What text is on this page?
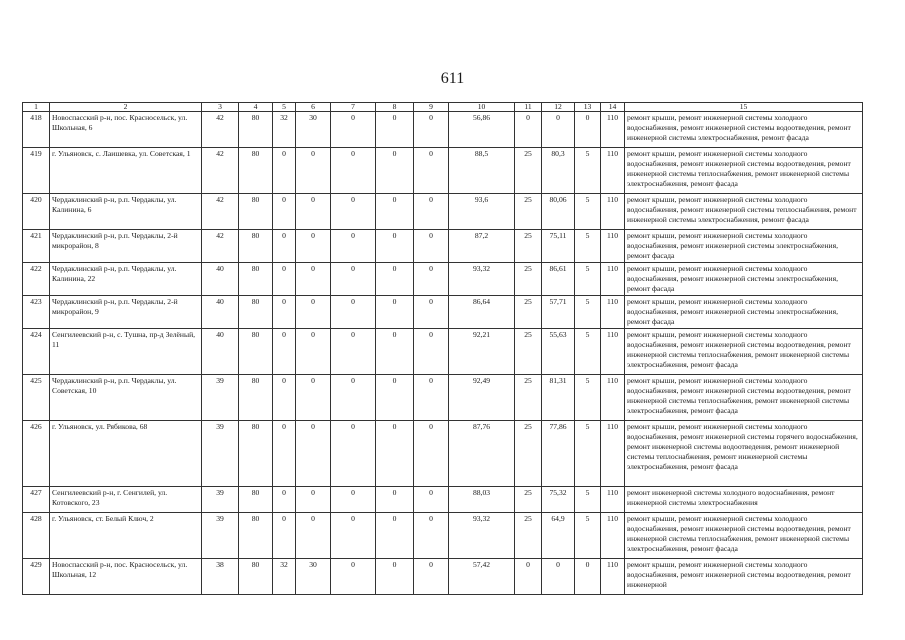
611
1	2	3	4	5	6	7	8	9	10	11	12	13	14	15
418	Новоспасский р-н, пос. Красносельск, ул. Школьная, 6	42	80	32	30	0	0	0	56,86	0	0	0	110	ремонт крыши, ремонт инженерной системы холодного водоснабжения, ремонт инженерной системы водоотведения, ремонт инженерной системы электроснабжения, ремонт фасада
419	г. Ульяновск, с. Лаишевка, ул. Советская, 1	42	80	0	0	0	0	0	88,5	25	80,3	5	110	ремонт крыши, ремонт инженерной системы холодного водоснабжения, ремонт инженерной системы водоотведения, ремонт инженерной системы теплоснабжения, ремонт инженерной системы электроснабжения, ремонт фасада
420	Чердаклинский р-н, р.п. Чердаклы, ул. Калинина, 6	42	80	0	0	0	0	0	93,6	25	80,06	5	110	ремонт крыши, ремонт инженерной системы холодного водоснабжения, ремонт инженерной системы теплоснабжения, ремонт инженерной системы электроснабжения, ремонт фасада
421	Чердаклинский р-н, р.п. Чердаклы, 2-й микрорайон, 8	42	80	0	0	0	0	0	87,2	25	75,11	5	110	ремонт крыши, ремонт инженерной системы холодного водоснабжения, ремонт инженерной системы электроснабжения, ремонт фасада
422	Чердаклинский р-н, р.п. Чердаклы, ул. Калинина, 22	40	80	0	0	0	0	0	93,32	25	86,61	5	110	ремонт крыши, ремонт инженерной системы холодного водоснабжения, ремонт инженерной системы электроснабжения, ремонт фасада
423	Чердаклинский р-н, р.п. Чердаклы, 2-й микрорайон, 9	40	80	0	0	0	0	0	86,64	25	57,71	5	110	ремонт крыши, ремонт инженерной системы холодного водоснабжения, ремонт инженерной системы электроснабжения, ремонт фасада
424	Сенгилеевский р-н, с. Тушна, пр-д Зелёный, 11	40	80	0	0	0	0	0	92,21	25	55,63	5	110	ремонт крыши, ремонт инженерной системы холодного водоснабжения, ремонт инженерной системы водоотведения, ремонт инженерной системы теплоснабжения, ремонт инженерной системы электроснабжения, ремонт фасада
425	Чердаклинский р-н, р.п. Чердаклы, ул. Советская, 10	39	80	0	0	0	0	0	92,49	25	81,31	5	110	ремонт крыши, ремонт инженерной системы холодного водоснабжения, ремонт инженерной системы водоотведения, ремонт инженерной системы теплоснабжения, ремонт инженерной системы электроснабжения, ремонт фасада
426	г. Ульяновск, ул. Рябикова, 68	39	80	0	0	0	0	0	87,76	25	77,86	5	110	ремонт крыши, ремонт инженерной системы холодного водоснабжения, ремонт инженерной системы горячего водоснабжения, ремонт инженерной системы водоотведения, ремонт инженерной системы теплоснабжения, ремонт инженерной системы электроснабжения, ремонт фасада
427	Сенгилеевский р-н, г. Сенгилей, ул. Котовского, 23	39	80	0	0	0	0	0	88,03	25	75,32	5	110	ремонт инженерной системы холодного водоснабжения, ремонт инженерной системы электроснабжения
428	г. Ульяновск, ст. Белый Ключ, 2	39	80	0	0	0	0	0	93,32	25	64,9	5	110	ремонт крыши, ремонт инженерной системы холодного водоснабжения, ремонт инженерной системы водоотведения, ремонт инженерной системы теплоснабжения, ремонт инженерной системы электроснабжения, ремонт фасада
429	Новоспасский р-н, пос. Красносельск, ул. Школьная, 12	38	80	32	30	0	0	0	57,42	0	0	0	110	ремонт крыши, ремонт инженерной системы холодного водоснабжения, ремонт инженерной системы водоотведения, ремонт инженерной
